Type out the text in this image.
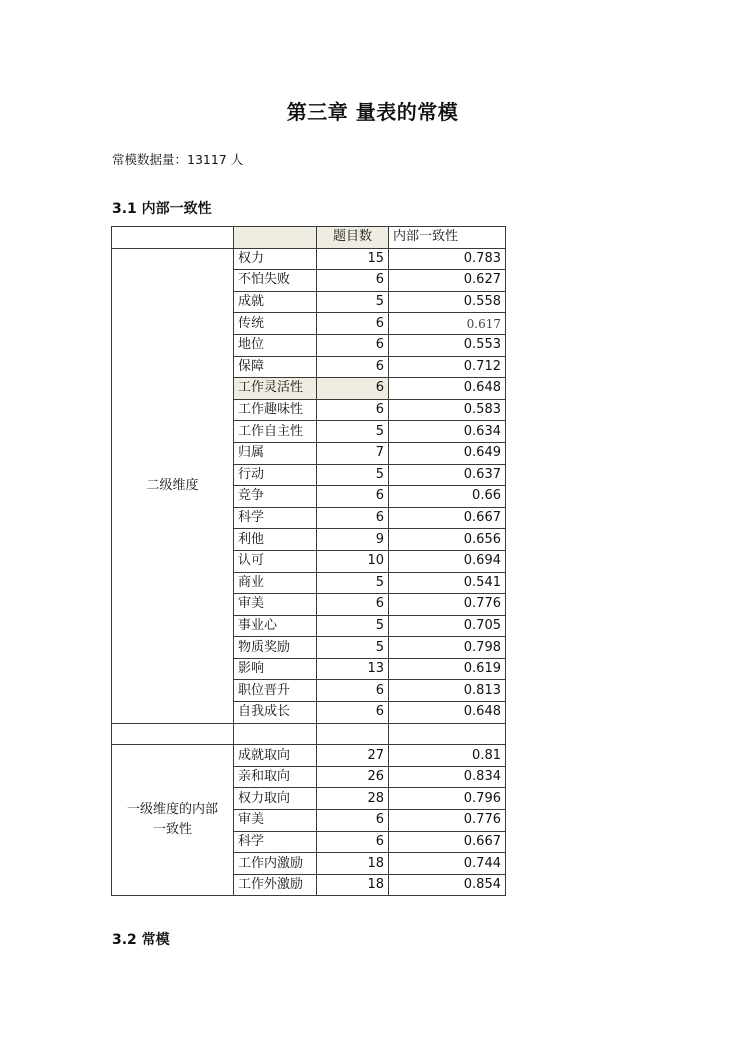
第三章 量表的常模
常模数据量：13117 人
3.1 内部一致性
		题目数	内部一致性
二级维度	权力	15	0.783
	不怕失败	6	0.627
	成就	5	0.558
	传统	6	0.617
	地位	6	0.553
	保障	6	0.712
	工作灵活性	6	0.648
	工作趣味性	6	0.583
	工作自主性	5	0.634
	归属	7	0.649
	行动	5	0.637
	竞争	6	0.66
	科学	6	0.667
	利他	9	0.656
	认可	10	0.694
	商业	5	0.541
	审美	6	0.776
	事业心	5	0.705
	物质奖励	5	0.798
	影响	13	0.619
	职位晋升	6	0.813
	自我成长	6	0.648

一级维度的内部
一致性	成就取向	27	0.81
	亲和取向	26	0.834
	权力取向	28	0.796
	审美	6	0.776
	科学	6	0.667
	工作内激励	18	0.744
	工作外激励	18	0.854
3.2 常模
